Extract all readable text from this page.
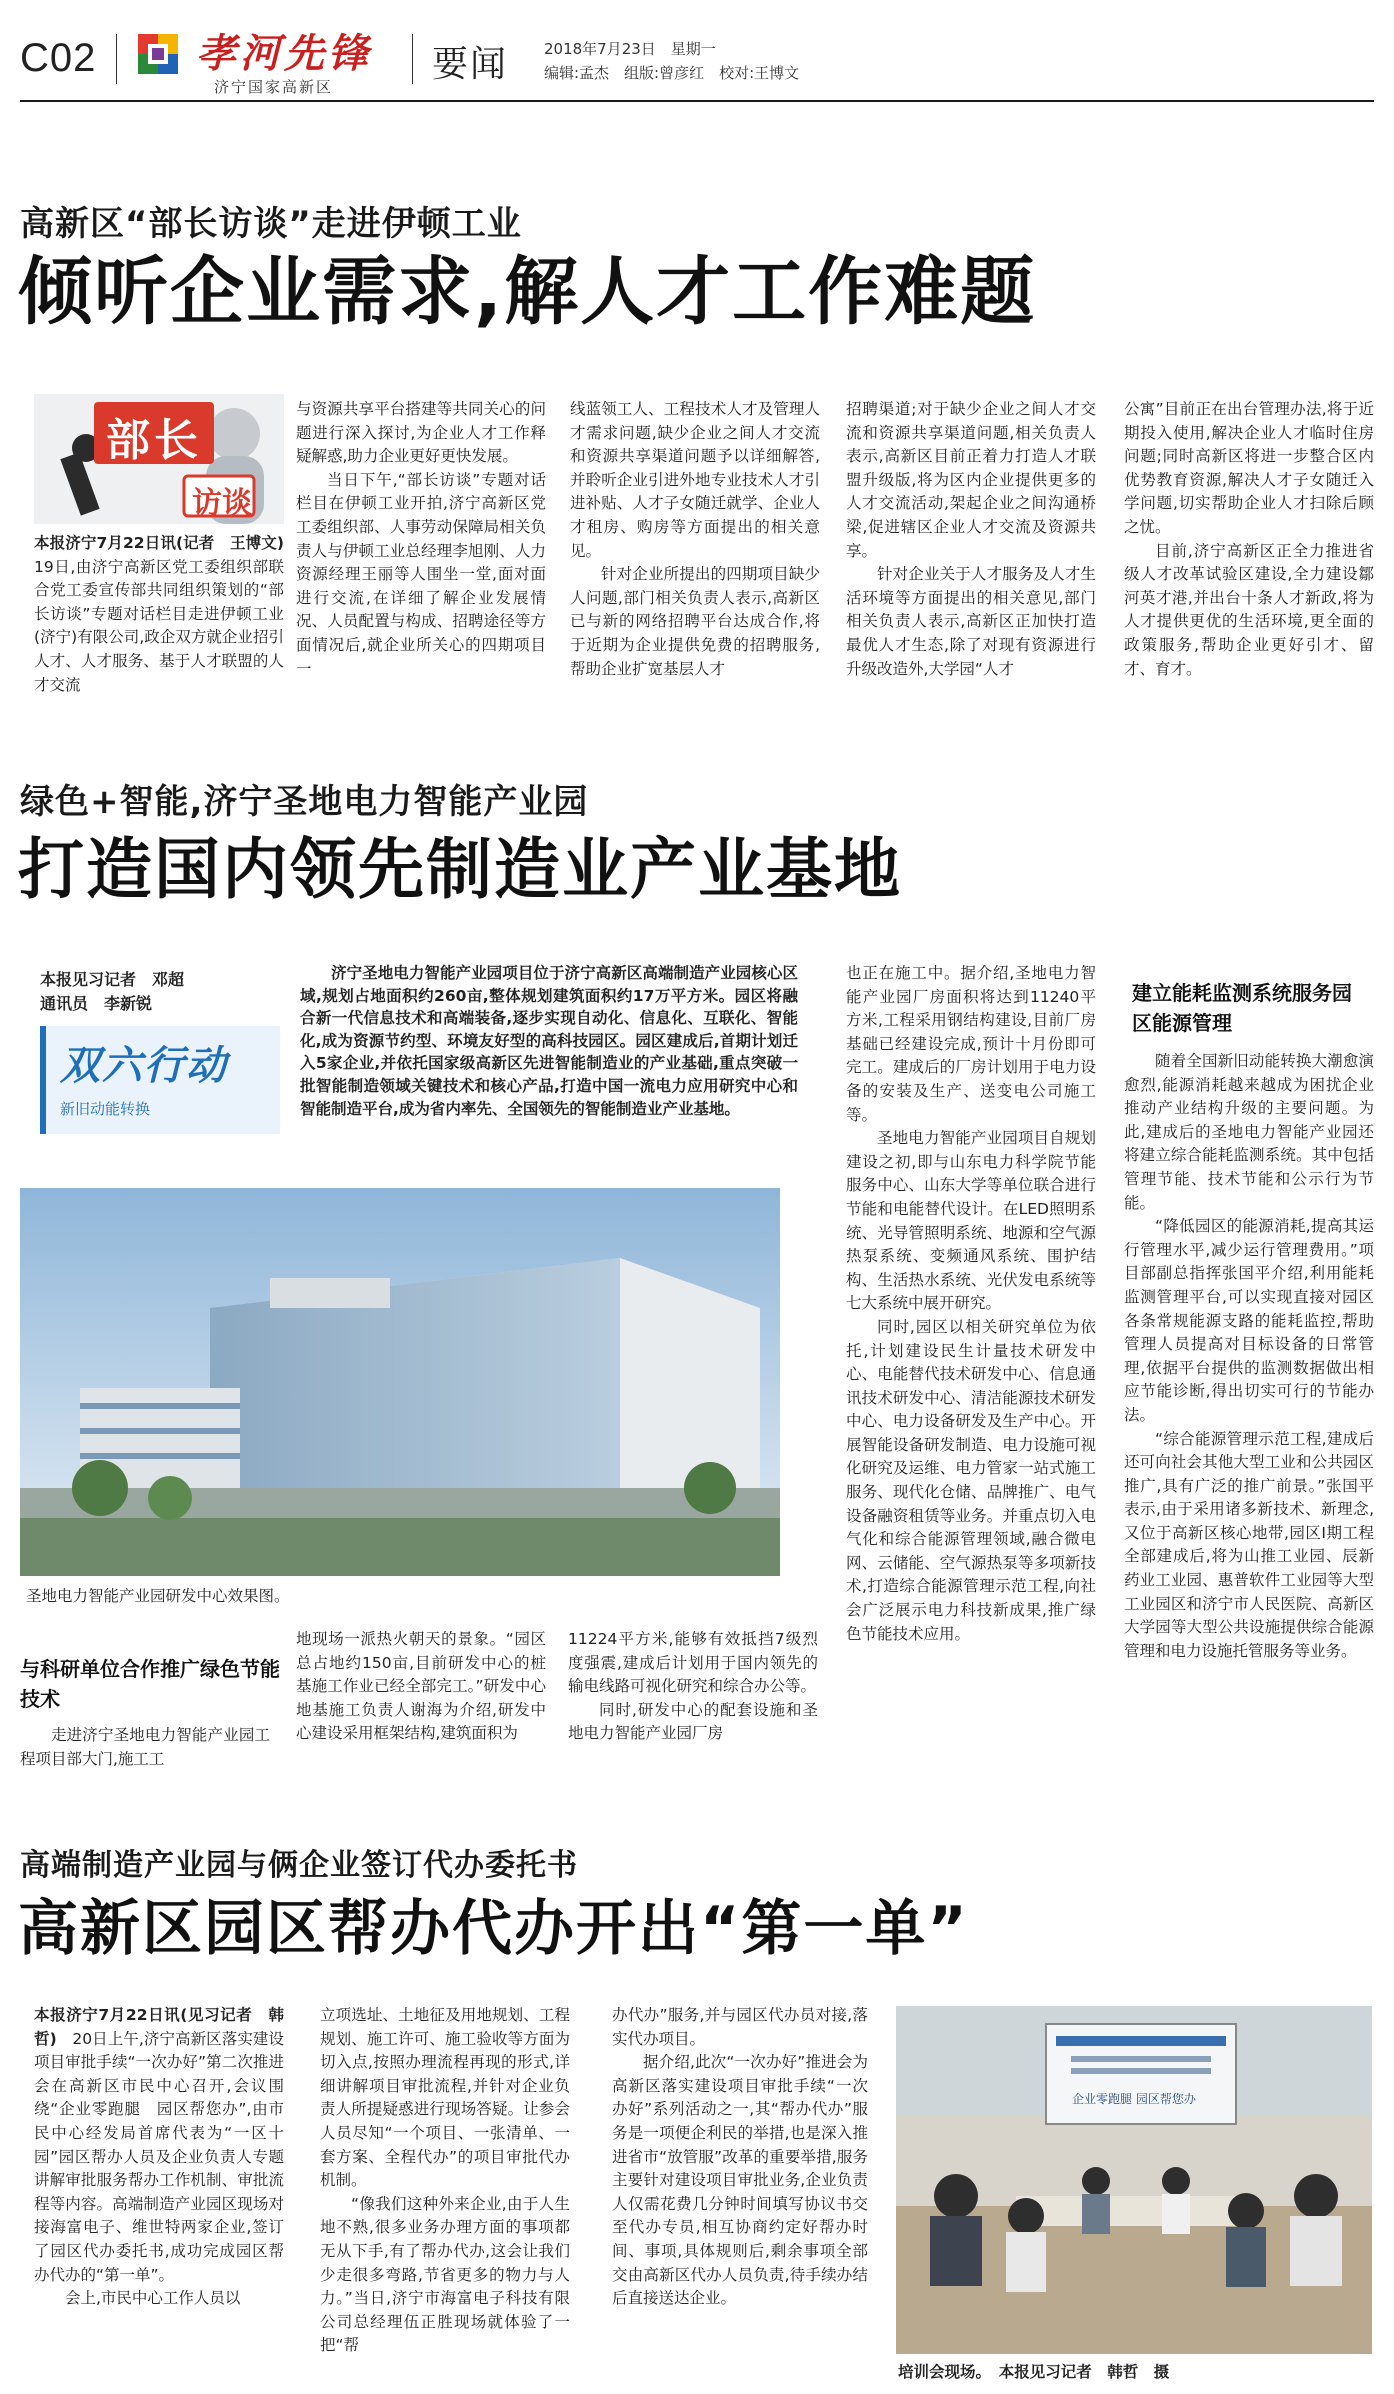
C02 孝河先锋
济宁国家高新区
要闻 2018年7月23日　星期一
编辑:孟杰　组版:曾彦红　校对:王博文
高新区“部长访谈”走进伊顿工业
倾听企业需求,解人才工作难题
部长
访谈

本报济宁7月22日讯(记者　王博文)　19日,由济宁高新区党工委组织部联合党工委宣传部共同组织策划的“部长访谈”专题对话栏目走进伊顿工业(济宁)有限公司,政企双方就企业招引人才、人才服务、基于人才联盟的人才交流

与资源共享平台搭建等共同关心的问题进行深入探讨,为企业人才工作释疑解惑,助力企业更好更快发展。

当日下午,“部长访谈”专题对话栏目在伊顿工业开拍,济宁高新区党工委组织部、人事劳动保障局相关负责人与伊顿工业总经理李旭刚、人力资源经理王丽等人围坐一堂,面对面进行交流,在详细了解企业发展情况、人员配置与构成、招聘途径等方面情况后,就企业所关心的四期项目一

线蓝领工人、工程技术人才及管理人才需求问题,缺少企业之间人才交流和资源共享渠道问题予以详细解答,并聆听企业引进外地专业技术人才引进补贴、人才子女随迁就学、企业人才租房、购房等方面提出的相关意见。

针对企业所提出的四期项目缺少人问题,部门相关负责人表示,高新区已与新的网络招聘平台达成合作,将于近期为企业提供免费的招聘服务,帮助企业扩宽基层人才

招聘渠道;对于缺少企业之间人才交流和资源共享渠道问题,相关负责人表示,高新区目前正着力打造人才联盟升级版,将为区内企业提供更多的人才交流活动,架起企业之间沟通桥梁,促进辖区企业人才交流及资源共享。

针对企业关于人才服务及人才生活环境等方面提出的相关意见,部门相关负责人表示,高新区正加快打造最优人才生态,除了对现有资源进行升级改造外,大学园“人才

公寓”目前正在出台管理办法,将于近期投入使用,解决企业人才临时住房问题;同时高新区将进一步整合区内优势教育资源,解决人才子女随迁入学问题,切实帮助企业人才扫除后顾之忧。

目前,济宁高新区正全力推进省级人才改革试验区建设,全力建设鄒河英才港,并出台十条人才新政,将为人才提供更优的生活环境,更全面的政策服务,帮助企业更好引才、留才、育才。

绿色+智能,济宁圣地电力智能产业园
打造国内领先制造业产业基地
本报见习记者　邓超
通讯员　李新锐
双六行动
新旧动能转换

济宁圣地电力智能产业园项目位于济宁高新区高端制造产业园核心区域,规划占地面积约260亩,整体规划建筑面积约17万平方米。园区将融合新一代信息技术和高端装备,逐步实现自动化、信息化、互联化、智能化,成为资源节约型、环境友好型的高科技园区。园区建成后,首期计划迁入5家企业,并依托国家级高新区先进智能制造业的产业基础,重点突破一批智能制造领域关键技术和核心产品,打造中国一流电力应用研究中心和智能制造平台,成为省内率先、全国领先的智能制造业产业基地。

圣地电力智能产业园研发中心效果图。
与科研单位合作推广绿色节能技术

走进济宁圣地电力智能产业园工程项目部大门,施工工

地现场一派热火朝天的景象。“园区总占地约150亩,目前研发中心的桩基施工作业已经全部完工。”研发中心地基施工负责人谢海为介绍,研发中心建设采用框架结构,建筑面积为

11224平方米,能够有效抵挡7级烈度强震,建成后计划用于国内领先的输电线路可视化研究和综合办公等。

同时,研发中心的配套设施和圣地电力智能产业园厂房

也正在施工中。据介绍,圣地电力智能产业园厂房面积将达到11240平方米,工程采用钢结构建设,目前厂房基础已经建设完成,预计十月份即可完工。建成后的厂房计划用于电力设备的安装及生产、送变电公司施工等。

圣地电力智能产业园项目自规划建设之初,即与山东电力科学院节能服务中心、山东大学等单位联合进行节能和电能替代设计。在LED照明系统、光导管照明系统、地源和空气源热泵系统、变频通风系统、围护结构、生活热水系统、光伏发电系统等七大系统中展开研究。

同时,园区以相关研究单位为依托,计划建设民生计量技术研发中心、电能替代技术研发中心、信息通讯技术研发中心、清洁能源技术研发中心、电力设备研发及生产中心。开展智能设备研发制造、电力设施可视化研究及运维、电力管家一站式施工服务、现代化仓储、品牌推广、电气设备融资租赁等业务。并重点切入电气化和综合能源管理领域,融合微电网、云储能、空气源热泵等多项新技术,打造综合能源管理示范工程,向社会广泛展示电力科技新成果,推广绿色节能技术应用。

建立能耗监测系统服务园区能源管理

随着全国新旧动能转换大潮愈演愈烈,能源消耗越来越成为困扰企业推动产业结构升级的主要问题。为此,建成后的圣地电力智能产业园还将建立综合能耗监测系统。其中包括管理节能、技术节能和公示行为节能。

“降低园区的能源消耗,提高其运行管理水平,减少运行管理费用。”项目部副总指挥张国平介绍,利用能耗监测管理平台,可以实现直接对园区各条常规能源支路的能耗监控,帮助管理人员提高对目标设备的日常管理,依据平台提供的监测数据做出相应节能诊断,得出切实可行的节能办法。

“综合能源管理示范工程,建成后还可向社会其他大型工业和公共园区推广,具有广泛的推广前景。”张国平表示,由于采用诸多新技术、新理念,又位于高新区核心地带,园区I期工程全部建成后,将为山推工业园、辰新药业工业园、惠普软件工业园等大型工业园区和济宁市人民医院、高新区大学园等大型公共设施提供综合能源管理和电力设施托管服务等业务。

高端制造产业园与俩企业签订代办委托书
高新区园区帮办代办开出“第一单”

本报济宁7月22日讯(见习记者　韩哲)　 20日上午,济宁高新区落实建设项目审批手续“一次办好”第二次推进会在高新区市民中心召开,会议围绕“企业零跑腿　园区帮您办”,由市民中心经发局首席代表为“一区十园”园区帮办人员及企业负责人专题讲解审批服务帮办工作机制、审批流程等内容。高端制造产业园区现场对接海富电子、维世特两家企业,签订了园区代办委托书,成功完成园区帮办代办的“第一单”。

会上,市民中心工作人员以

立项选址、土地征及用地规划、工程规划、施工许可、施工验收等方面为切入点,按照办理流程再现的形式,详细讲解项目审批流程,并针对企业负责人所提疑惑进行现场答疑。让参会人员尽知“一个项目、一张清单、一套方案、全程代办”的项目审批代办机制。

“像我们这种外来企业,由于人生地不熟,很多业务办理方面的事项都无从下手,有了帮办代办,这会让我们少走很多弯路,节省更多的物力与人力。”当日,济宁市海富电子科技有限公司总经理伍正胜现场就体验了一把“帮

办代办”服务,并与园区代办员对接,落实代办项目。

据介绍,此次“一次办好”推进会为高新区落实建设项目审批手续“一次办好”系列活动之一,其“帮办代办”服务是一项便企利民的举措,也是深入推进省市“放管服”改革的重要举措,服务主要针对建设项目审批业务,企业负责人仅需花费几分钟时间填写协议书交至代办专员,相互协商约定好帮办时间、事项,具体规则后,剩余事项全部交由高新区代办人员负责,待手续办结后直接送达企业。

企业零跑腿 园区帮您办
培训会现场。　本报见习记者　韩哲　摄
